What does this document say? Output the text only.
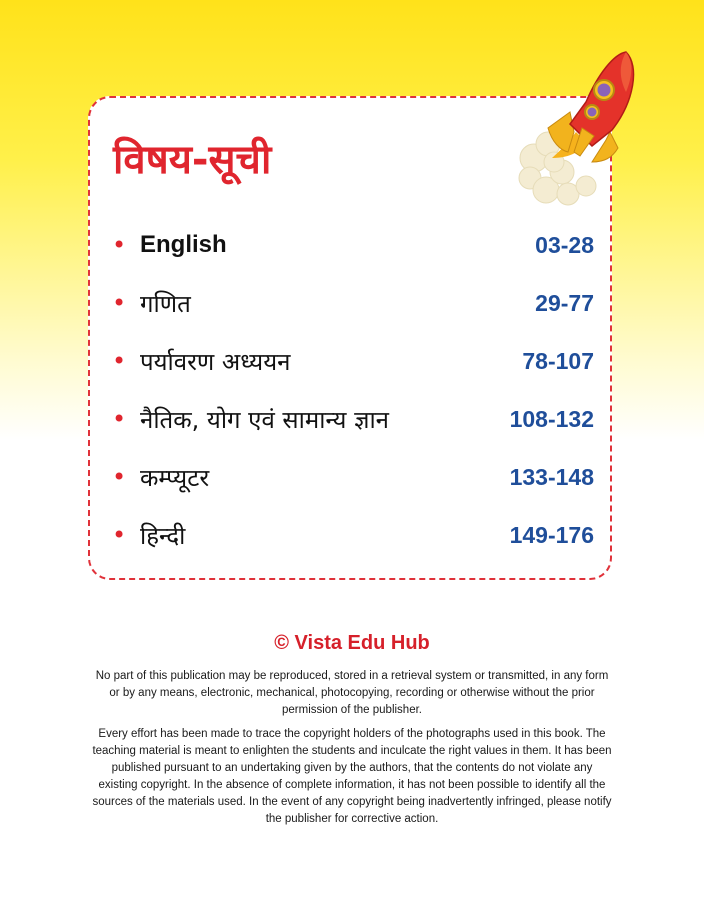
विषय-सूची
• English	03-28
• गणित	29-77
• पर्यावरण अध्ययन	78-107
• नैतिक, योग एवं सामान्य ज्ञान	108-132
• कम्प्यूटर	133-148
• हिन्दी	149-176

© Vista Edu Hub

No part of this publication may be reproduced, stored in a retrieval system or transmitted, in any form or by any means, electronic, mechanical, photocopying, recording or otherwise without the prior permission of the publisher.

Every effort has been made to trace the copyright holders of the photographs used in this book. The teaching material is meant to enlighten the students and inculcate the right values in them. It has been published pursuant to an undertaking given by the authors, that the contents do not violate any existing copyright. In the absence of complete information, it has not been possible to identify all the sources of the materials used. In the event of any copyright being inadvertently infringed, please notify the publisher for corrective action.
